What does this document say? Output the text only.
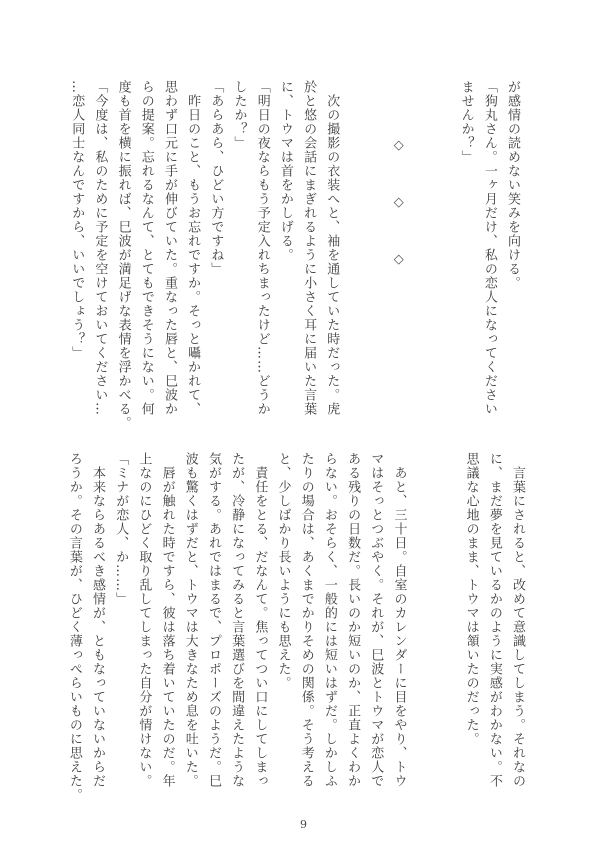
が感情の読めない笑みを向ける。
「狗丸さん。一ヶ月だけ、私の恋人になってください
ませんか？」
◇
◇
◇
　次の撮影の衣装へと、袖を通していた時だった。虎
於と悠の会話にまぎれるように小さく耳に届いた言葉
に、トウマは首をかしげる。
「明日の夜ならもう予定入れちまったけど……どうか
したか？」
「あらあら、ひどい方ですね」
　昨日のこと、もうお忘れですか。そっと囁かれて、
思わず口元に手が伸びていた。重なった唇と、巳波か
らの提案。忘れるなんて、とてもできそうにない。何
度も首を横に振れば、巳波が満足げな表情を浮かべる。
「今度は、私のために予定を空けておいてください…
…恋人同士なんですから、いいでしょう？」
　言葉にされると、改めて意識してしまう。それなの
に、まだ夢を見ているかのように実感がわかない。不
思議な心地のまま、トウマは頷いたのだった。
　あと、三十日。自室のカレンダーに目をやり、トウ
マはそっとつぶやく。それが、巳波とトウマが恋人で
ある残りの日数だ。長いのか短いのか、正直よくわか
らない。おそらく、一般的には短いはずだ。しかしふ
たりの場合は、あくまでかりそめの関係。そう考える
と、少しばかり長いようにも思えた。
　責任をとる、だなんて。焦ってつい口にしてしまっ
たが、冷静になってみると言葉選びを間違えたような
気がする。あれではまるで、プロポーズのようだ。巳
波も驚くはずだと、トウマは大きなため息を吐いた。
　唇が触れた時ですら、彼は落ち着いていたのだ。年
上なのにひどく取り乱してしまった自分が情けない。
「ミナが恋人、か……」
　本来ならあるべき感情が、ともなっていないからだ
ろうか。その言葉が、ひどく薄っぺらいものに思えた。
9
